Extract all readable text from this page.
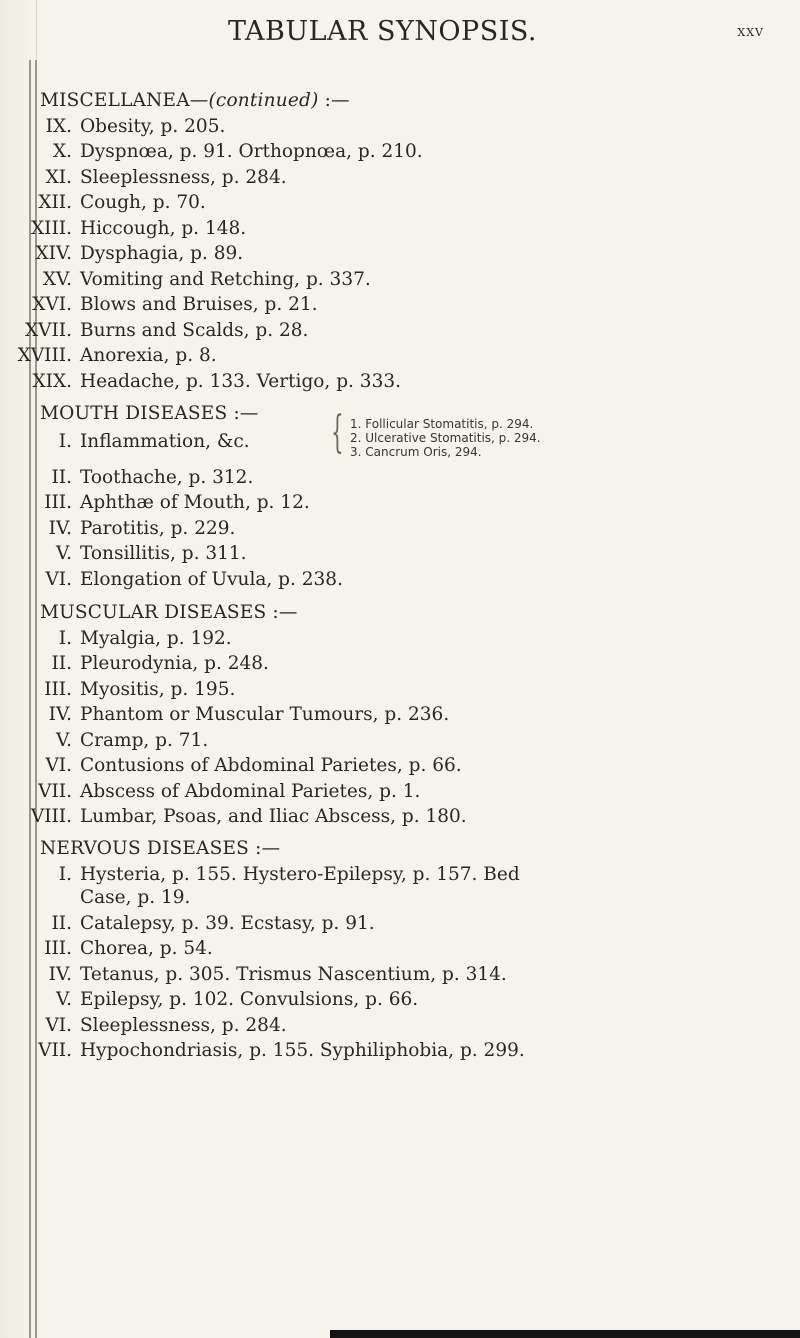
TABULAR SYNOPSIS.	xxv
MISCELLANEA—(continued) :—
IX. Obesity, p. 205.
X. Dyspnœa, p. 91. Orthopnœa, p. 210.
XI. Sleeplessness, p. 284.
XII. Cough, p. 70.
XIII. Hiccough, p. 148.
XIV. Dysphagia, p. 89.
XV. Vomiting and Retching, p. 337.
XVI. Blows and Bruises, p. 21.
XVII. Burns and Scalds, p. 28.
XVIII. Anorexia, p. 8.
XIX. Headache, p. 133. Vertigo, p. 333.
MOUTH DISEASES :—
I. Inflammation, &c. { 1. Follicular Stomatitis, p. 294.
2. Ulcerative Stomatitis, p. 294.
3. Cancrum Oris, 294.
II. Toothache, p. 312.
III. Aphthæ of Mouth, p. 12.
IV. Parotitis, p. 229.
V. Tonsillitis, p. 311.
VI. Elongation of Uvula, p. 238.
MUSCULAR DISEASES :—
I. Myalgia, p. 192.
II. Pleurodynia, p. 248.
III. Myositis, p. 195.
IV. Phantom or Muscular Tumours, p. 236.
V. Cramp, p. 71.
VI. Contusions of Abdominal Parietes, p. 66.
VII. Abscess of Abdominal Parietes, p. 1.
VIII. Lumbar, Psoas, and Iliac Abscess, p. 180.
NERVOUS DISEASES :—
I. Hysteria, p. 155. Hystero-Epilepsy, p. 157. Bed
Case, p. 19.
II. Catalepsy, p. 39. Ecstasy, p. 91.
III. Chorea, p. 54.
IV. Tetanus, p. 305. Trismus Nascentium, p. 314.
V. Epilepsy, p. 102. Convulsions, p. 66.
VI. Sleeplessness, p. 284.
VII. Hypochondriasis, p. 155. Syphiliphobia, p. 299.
